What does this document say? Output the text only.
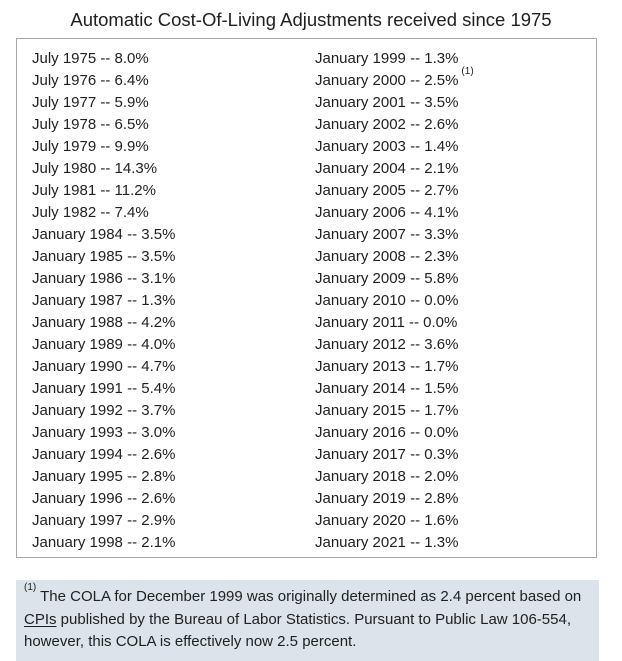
Automatic Cost-Of-Living Adjustments received since 1975
July 1975 -- 8.0%
July 1976 -- 6.4%
July 1977 -- 5.9%
July 1978 -- 6.5%
July 1979 -- 9.9%
July 1980 -- 14.3%
July 1981 -- 11.2%
July 1982 -- 7.4%
January 1984 -- 3.5%
January 1985 -- 3.5%
January 1986 -- 3.1%
January 1987 -- 1.3%
January 1988 -- 4.2%
January 1989 -- 4.0%
January 1990 -- 4.7%
January 1991 -- 5.4%
January 1992 -- 3.7%
January 1993 -- 3.0%
January 1994 -- 2.6%
January 1995 -- 2.8%
January 1996 -- 2.6%
January 1997 -- 2.9%
January 1998 -- 2.1%
January 1999 -- 1.3%
January 2000 -- 2.5%$^{(1)}$
January 2001 -- 3.5%
January 2002 -- 2.6%
January 2003 -- 1.4%
January 2004 -- 2.1%
January 2005 -- 2.7%
January 2006 -- 4.1%
January 2007 -- 3.3%
January 2008 -- 2.3%
January 2009 -- 5.8%
January 2010 -- 0.0%
January 2011 -- 0.0%
January 2012 -- 3.6%
January 2013 -- 1.7%
January 2014 -- 1.5%
January 2015 -- 1.7%
January 2016 -- 0.0%
January 2017 -- 0.3%
January 2018 -- 2.0%
January 2019 -- 2.8%
January 2020 -- 1.6%
January 2021 -- 1.3%
$^{(1)}$ The COLA for December 1999 was originally determined as 2.4 percent based on CPIs published by the Bureau of Labor Statistics. Pursuant to Public Law 106-554, however, this COLA is effectively now 2.5 percent.
